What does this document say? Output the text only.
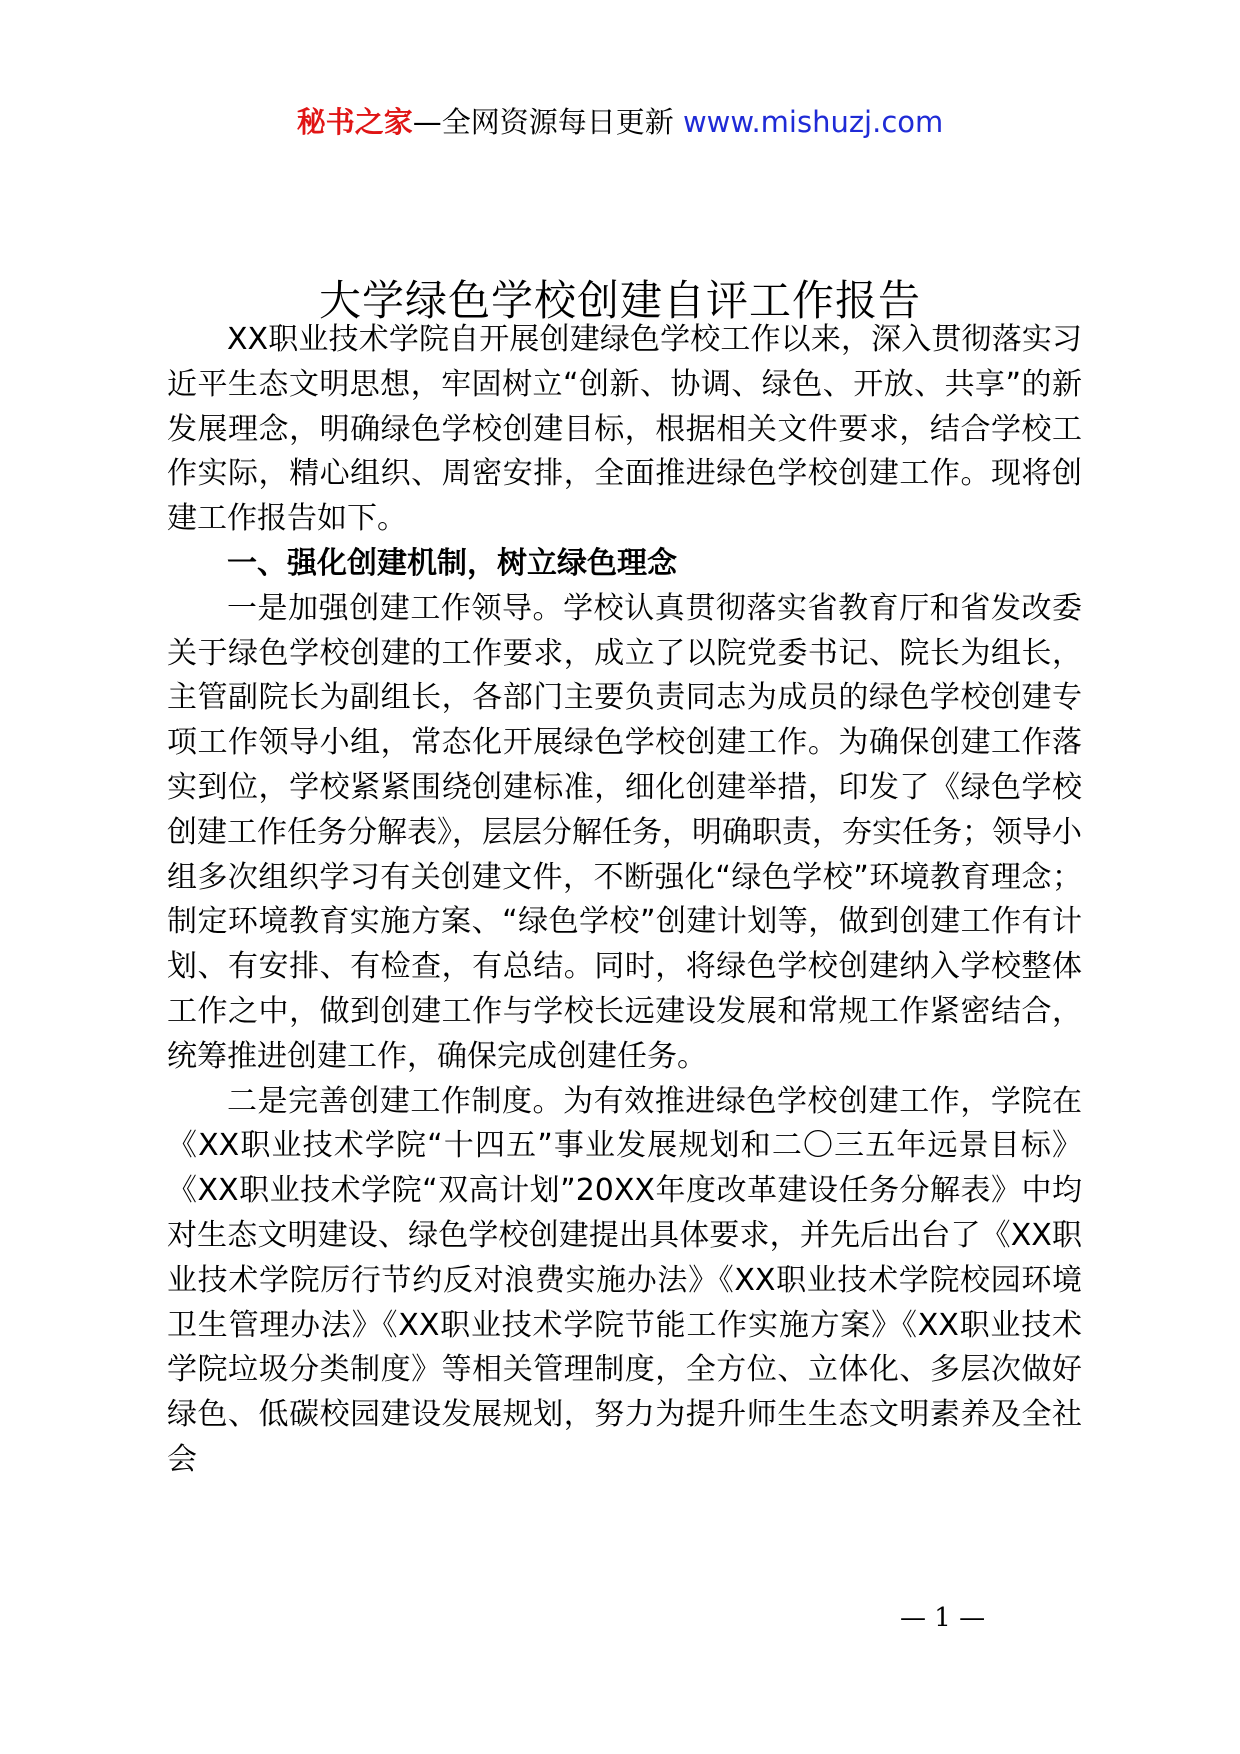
秘书之家—全网资源每日更新 www.mishuzj.com
大学绿色学校创建自评工作报告

XX职业技术学院自开展创建绿色学校工作以来，深入贯彻落实习近平生态文明思想，牢固树立“创新、协调、绿色、开放、共享”的新发展理念，明确绿色学校创建目标，根据相关文件要求，结合学校工作实际，精心组织、周密安排，全面推进绿色学校创建工作。现将创建工作报告如下。

一、强化创建机制，树立绿色理念

一是加强创建工作领导。学校认真贯彻落实省教育厅和省发改委关于绿色学校创建的工作要求，成立了以院党委书记、院长为组长，主管副院长为副组长，各部门主要负责同志为成员的绿色学校创建专项工作领导小组，常态化开展绿色学校创建工作。为确保创建工作落实到位，学校紧紧围绕创建标准，细化创建举措，印发了《绿色学校创建工作任务分解表》，层层分解任务，明确职责，夯实任务；领导小组多次组织学习有关创建文件，不断强化“绿色学校”环境教育理念；制定环境教育实施方案、“绿色学校”创建计划等，做到创建工作有计划、有安排、有检查，有总结。同时，将绿色学校创建纳入学校整体工作之中，做到创建工作与学校长远建设发展和常规工作紧密结合，统筹推进创建工作，确保完成创建任务。

二是完善创建工作制度。为有效推进绿色学校创建工作，学院在《XX职业技术学院“十四五”事业发展规划和二〇三五年远景目标》《XX职业技术学院“双高计划”20XX年度改革建设任务分解表》中均对生态文明建设、绿色学校创建提出具体要求，并先后出台了《XX职业技术学院厉行节约反对浪费实施办法》《XX职业技术学院校园环境卫生管理办法》《XX职业技术学院节能工作实施方案》《XX职业技术学院垃圾分类制度》等相关管理制度，全方位、立体化、多层次做好绿色、低碳校园建设发展规划，努力为提升师生生态文明素养及全社会

— 1 —
